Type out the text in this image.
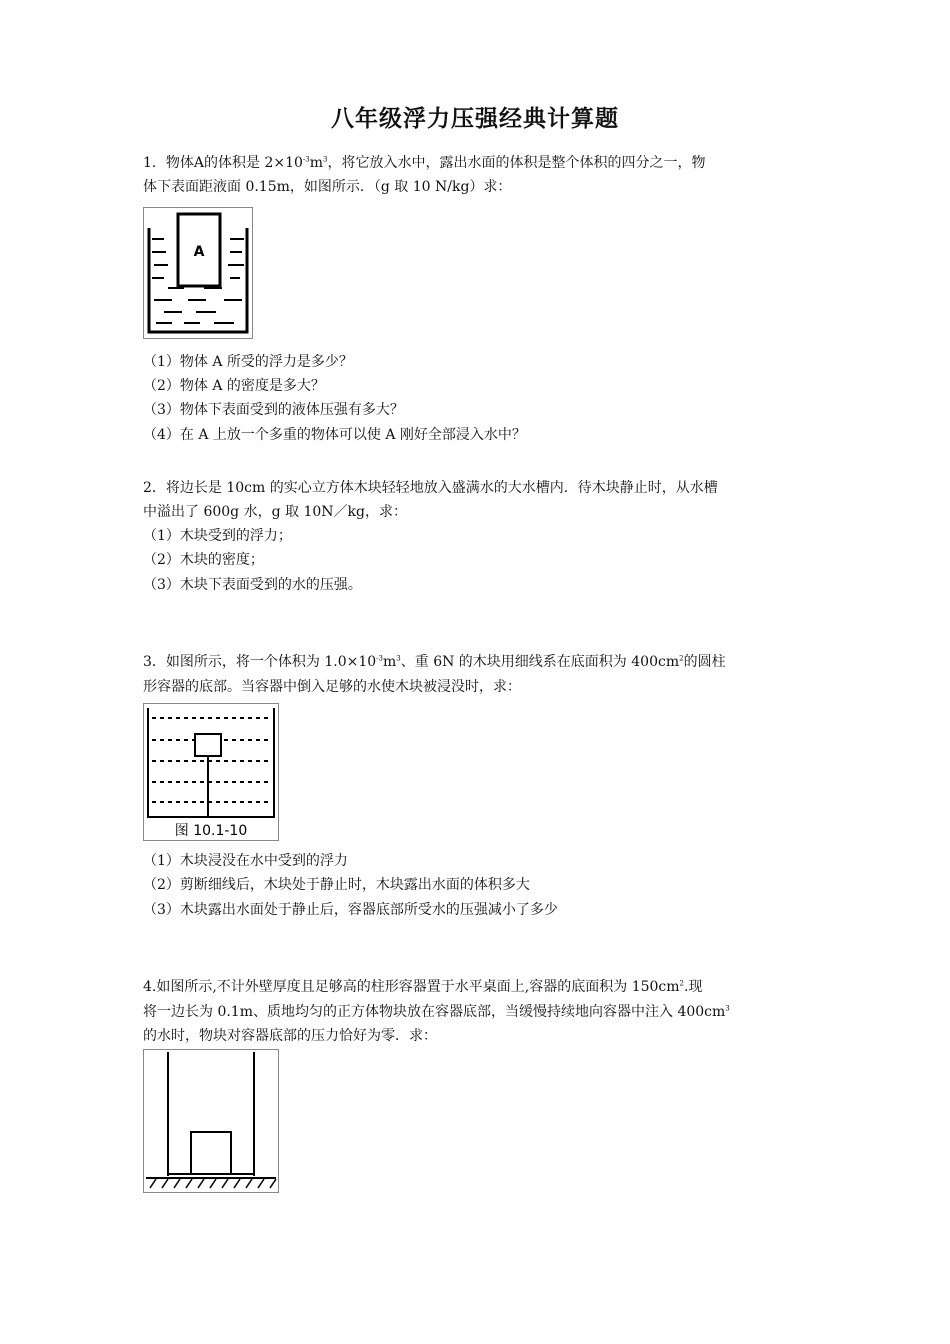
八年级浮力压强经典计算题
1．物体A的体积是 $2\times 10^{-3}m^3$，将它放入水中，露出水面的体积是整个体积的四分之一，物
体下表面距液面 0.15m，如图所示．（g 取 10 N/kg）求：
A
（1）物体 A 所受的浮力是多少？
（2）物体 A 的密度是多大？
（3）物体下表面受到的液体压强有多大？
（4）在 A 上放一个多重的物体可以使 A 刚好全部浸入水中？
2．将边长是 10cm 的实心立方体木块轻轻地放入盛满水的大水槽内．待木块静止时，从水槽
中溢出了 600g 水，g 取 10N／kg，求：
（1）木块受到的浮力；
（2）木块的密度；
（3）木块下表面受到的水的压强。
3．如图所示，将一个体积为 $1.0\times 10^{-3}m^3$、重 6N 的木块用细线系在底面积为 $400cm^2$的圆柱
形容器的底部。当容器中倒入足够的水使木块被浸没时，求：
图 10.1-10
（1）木块浸没在水中受到的浮力
（2）剪断细线后，木块处于静止时，木块露出水面的体积多大
（3）木块露出水面处于静止后，容器底部所受水的压强减小了多少
4.如图所示,不计外壁厚度且足够高的柱形容器置于水平桌面上,容器的底面积为 $150cm^2$.现
将一边长为 0.1m、质地均匀的正方体物块放在容器底部，当缓慢持续地向容器中注入 $400cm^3$
的水时，物块对容器底部的压力恰好为零．求：
